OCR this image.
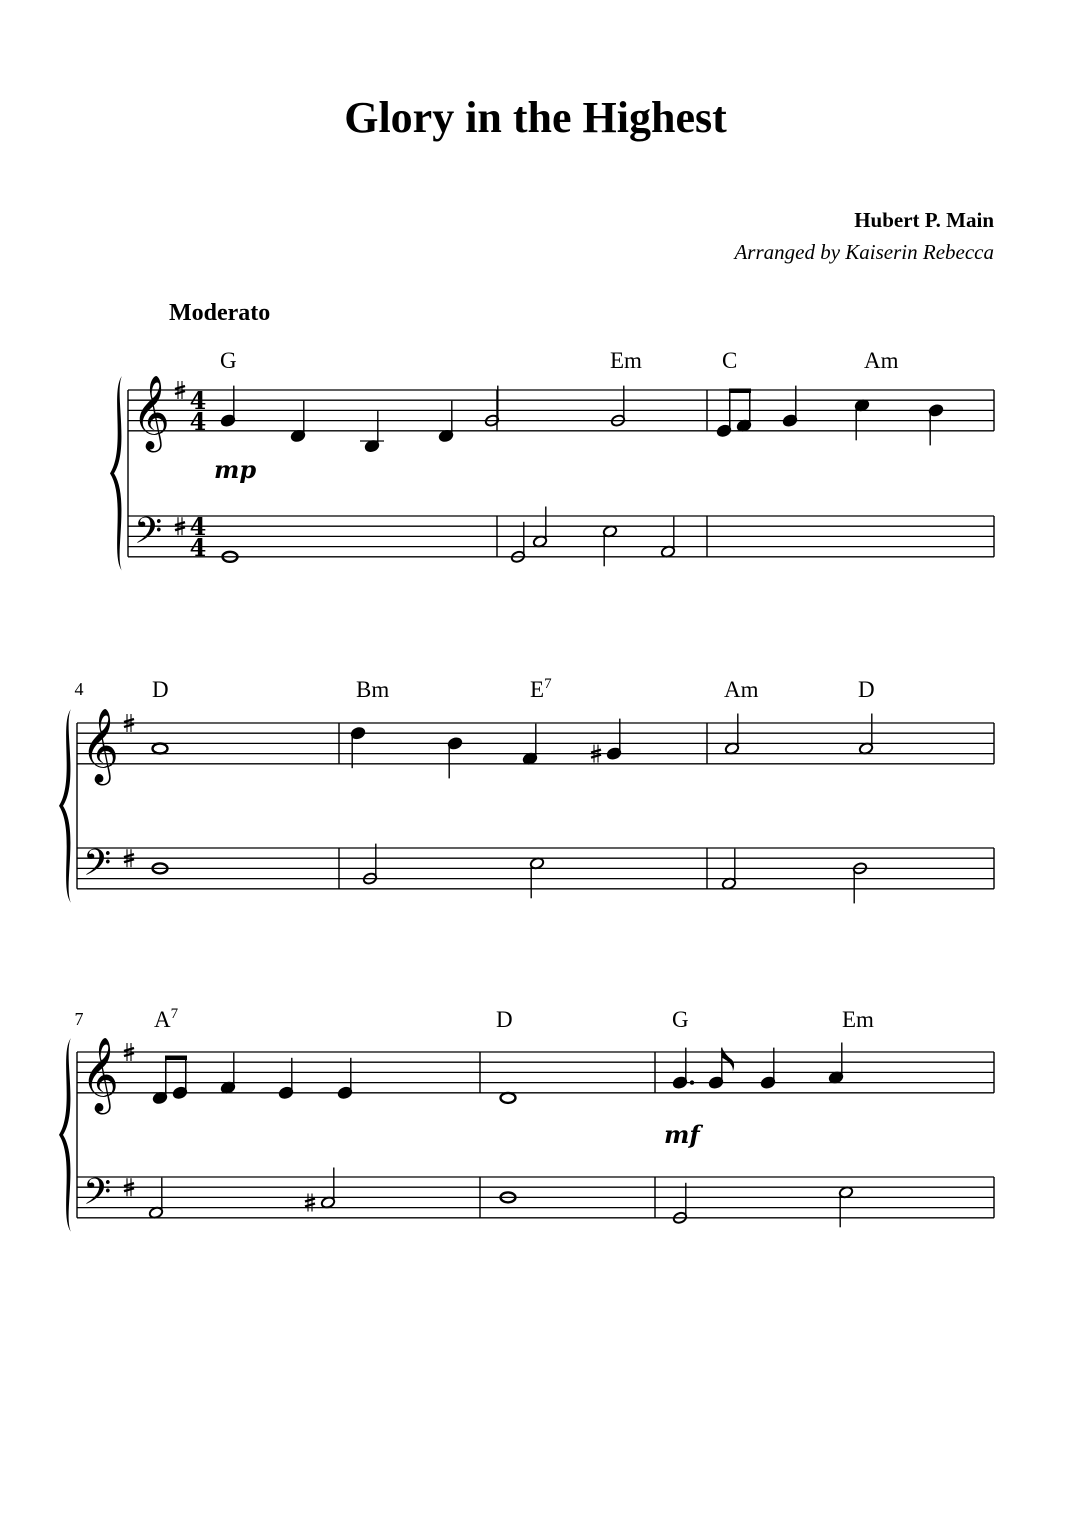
Glory in the Highest
Hubert P. Main
Arranged by Kaiserin Rebecca
Moderato
𝄞
𝄢
4
4
4
4
G
mp
Em	C	Am
𝄞
𝄢
4	D	Bm	$E^7$	Am	D
𝄞
𝄢
7	$A^7$	D	G	Em
mf
